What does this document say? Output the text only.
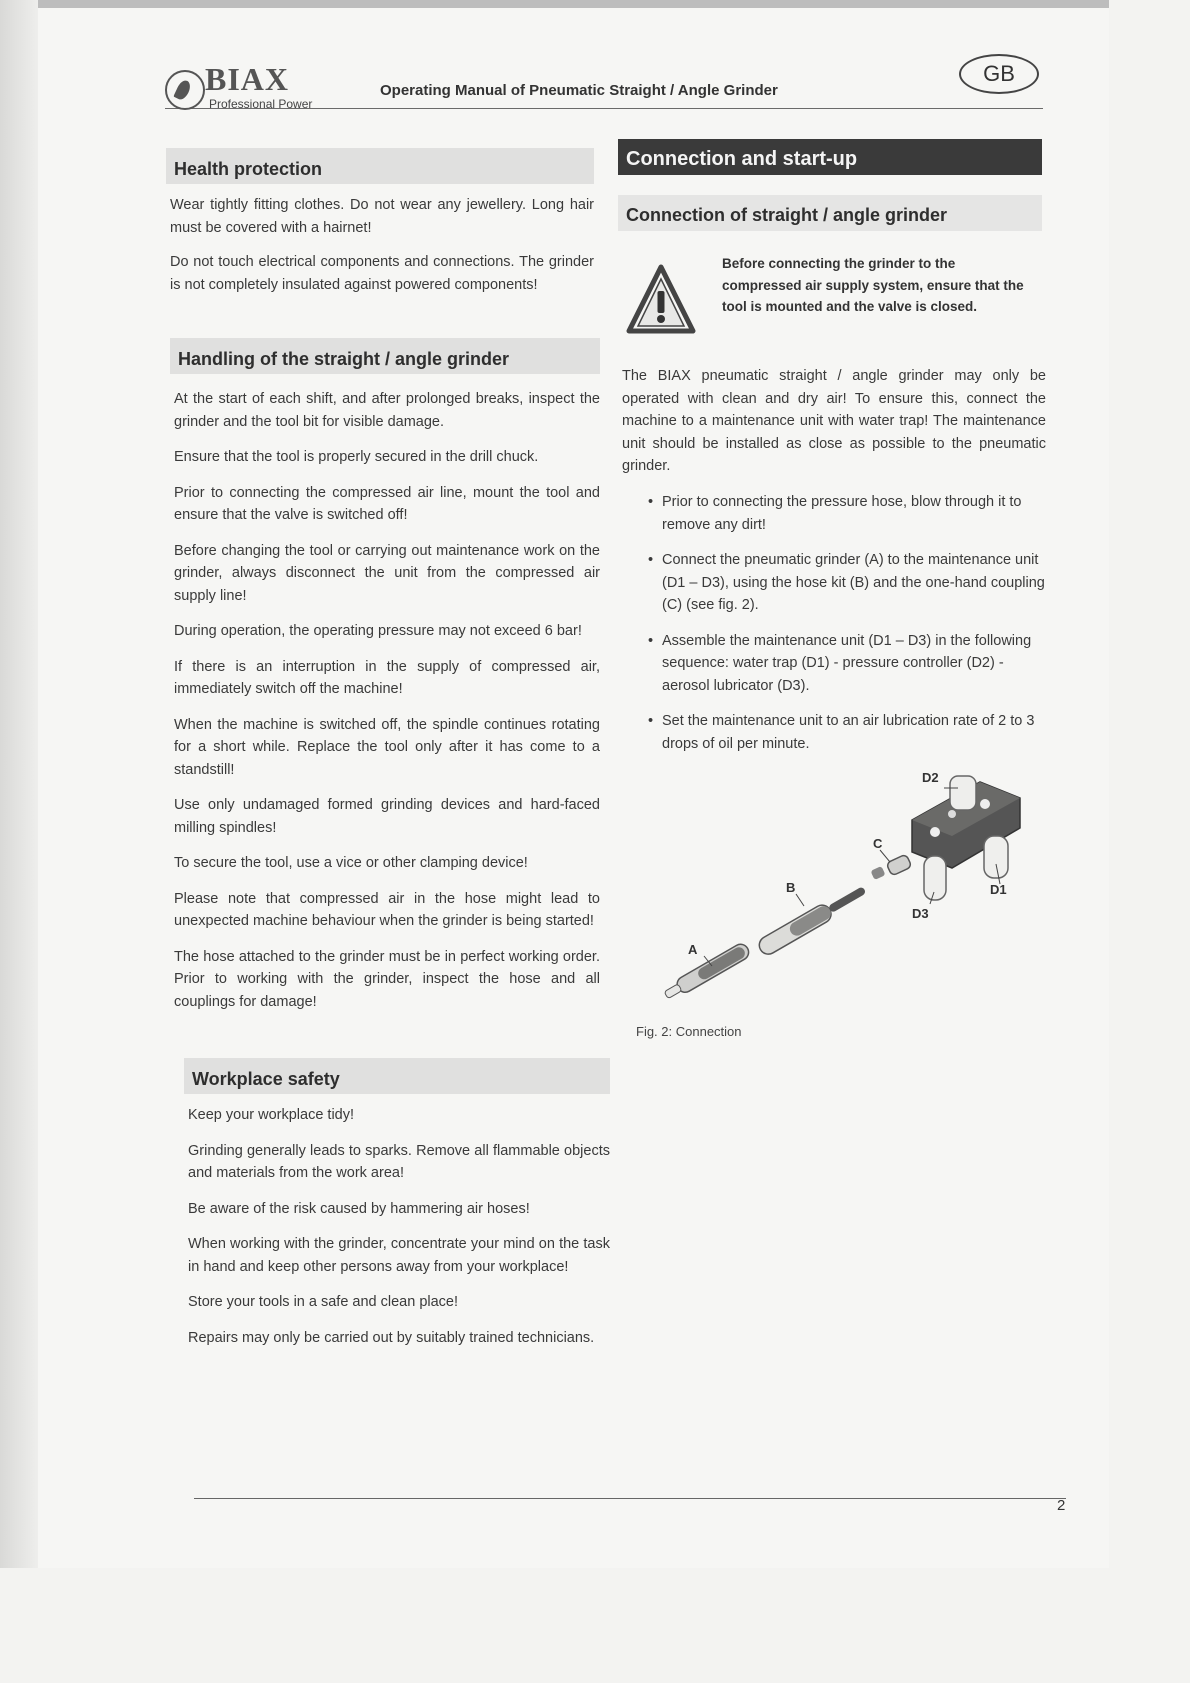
BIAX
Professional Power
Operating Manual of Pneumatic Straight / Angle Grinder
GB
Health protection

Wear tightly fitting clothes. Do not wear any jewellery. Long hair must be covered with a hairnet!

Do not touch electrical components and connections. The grinder is not completely insulated against powered components!

Handling of the straight / angle grinder

At the start of each shift, and after prolonged breaks, inspect the grinder and the tool bit for visible damage.

Ensure that the tool is properly secured in the drill chuck.

Prior to connecting the compressed air line, mount the tool and ensure that the valve is switched off!

Before changing the tool or carrying out maintenance work on the grinder, always disconnect the unit from the compressed air supply line!

During operation, the operating pressure may not exceed 6 bar!

If there is an interruption in the supply of compressed air, immediately switch off the machine!

When the machine is switched off, the spindle continues rotating for a short while. Replace the tool only after it has come to a standstill!

Use only undamaged formed grinding devices and hard-faced milling spindles!

To secure the tool, use a vice or other clamping device!

Please note that compressed air in the hose might lead to unexpected machine behaviour when the grinder is being started!

The hose attached to the grinder must be in perfect working order. Prior to working with the grinder, inspect the hose and all couplings for damage!

Workplace safety

Keep your workplace tidy!

Grinding generally leads to sparks. Remove all flammable objects and materials from the work area!

Be aware of the risk caused by hammering air hoses!

When working with the grinder, concentrate your mind on the task in hand and keep other persons away from your workplace!

Store your tools in a safe and clean place!

Repairs may only be carried out by suitably trained technicians.

Connection and start-up
Connection of straight / angle grinder
Before connecting the grinder to the compressed air supply system, ensure that the tool is mounted and the valve is closed.

The BIAX pneumatic straight / angle grinder may only be operated with clean and dry air! To ensure this, connect the machine to a maintenance unit with water trap! The maintenance unit should be installed as close as possible to the pneumatic grinder.

• Prior to connecting the pressure hose, blow through it to remove any dirt!
• Connect the pneumatic grinder (A) to the maintenance unit (D1 – D3), using the hose kit (B) and the one-hand coupling (C) (see fig. 2).
• Assemble the maintenance unit (D1 – D3) in the following sequence: water trap (D1) - pressure controller (D2) - aerosol lubricator (D3).
• Set the maintenance unit to an air lubrication rate of 2 to 3 drops of oil per minute.
A
B
C
D2
D1
D3
Fig. 2: Connection
2
